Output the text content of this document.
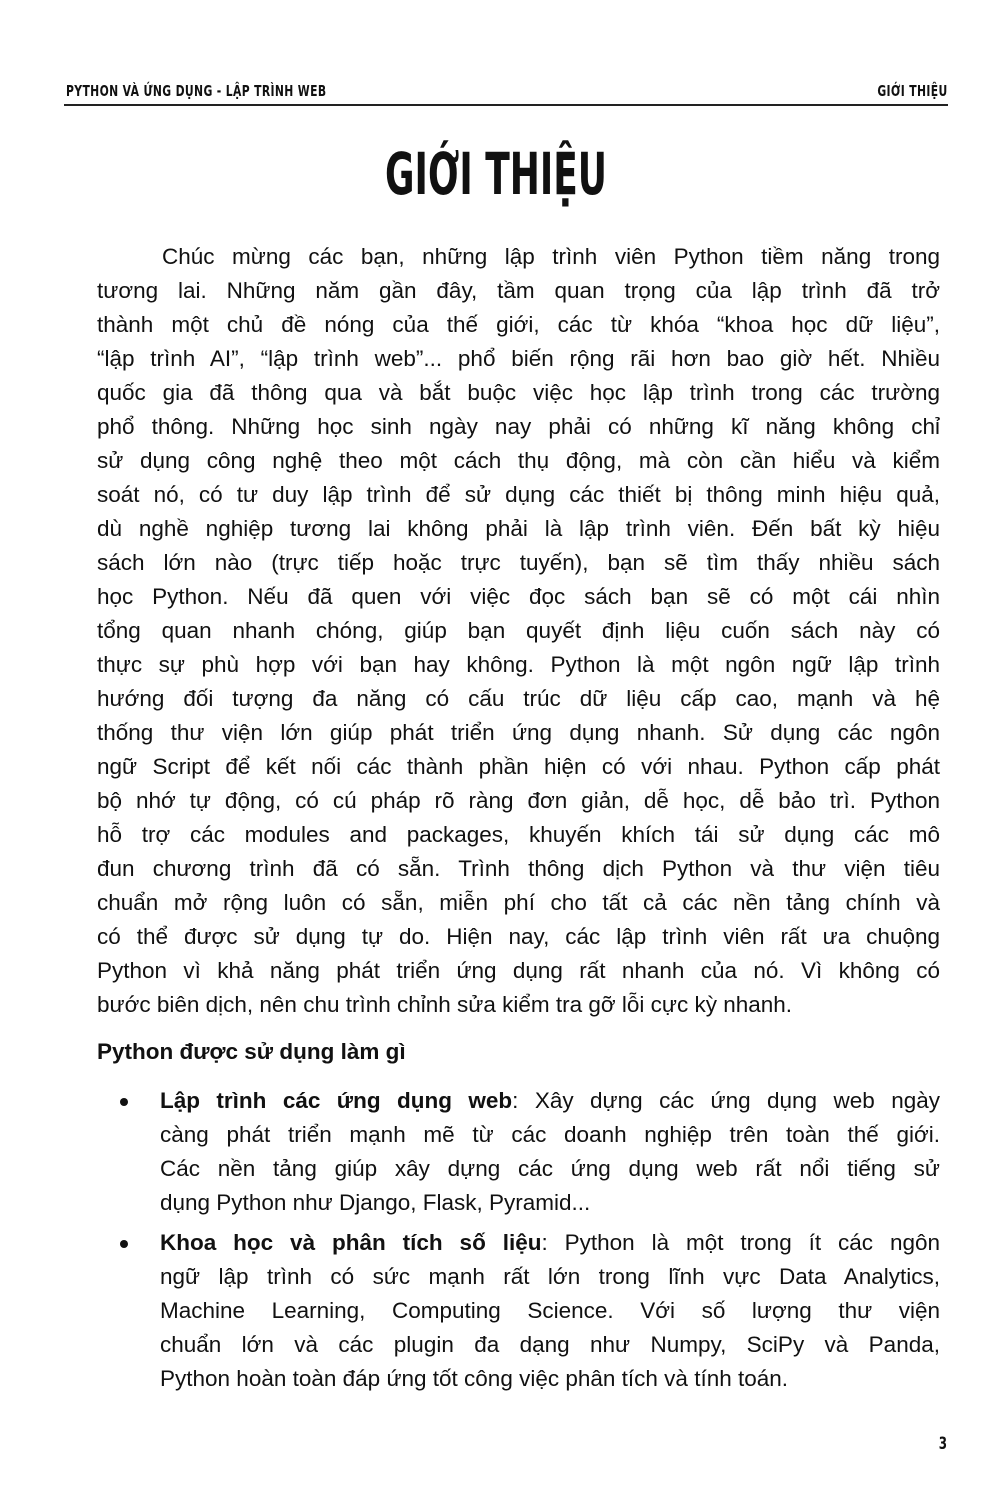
PYTHON VÀ ỨNG DỤNG - LẬP TRÌNH WEB	GIỚI THIỆU
GIỚI THIỆU
Chúc mừng các bạn, những lập trình viên Python tiềm năng trong
tương lai. Những năm gần đây, tầm quan trọng của lập trình đã trở
thành một chủ đề nóng của thế giới, các từ khóa “khoa học dữ liệu”,
“lập trình AI”, “lập trình web”... phổ biến rộng rãi hơn bao giờ hết. Nhiều
quốc gia đã thông qua và bắt buộc việc học lập trình trong các trường
phổ thông. Những học sinh ngày nay phải có những kĩ năng không chỉ
sử dụng công nghệ theo một cách thụ động, mà còn cần hiểu và kiểm
soát nó, có tư duy lập trình để sử dụng các thiết bị thông minh hiệu quả,
dù nghề nghiệp tương lai không phải là lập trình viên. Đến bất kỳ hiệu
sách lớn nào (trực tiếp hoặc trực tuyến), bạn sẽ tìm thấy nhiều sách
học Python. Nếu đã quen với việc đọc sách bạn sẽ có một cái nhìn
tổng quan nhanh chóng, giúp bạn quyết định liệu cuốn sách này có
thực sự phù hợp với bạn hay không. Python là một ngôn ngữ lập trình
hướng đối tượng đa năng có cấu trúc dữ liệu cấp cao, mạnh và hệ
thống thư viện lớn giúp phát triển ứng dụng nhanh. Sử dụng các ngôn
ngữ Script để kết nối các thành phần hiện có với nhau. Python cấp phát
bộ nhớ tự động, có cú pháp rõ ràng đơn giản, dễ học, dễ bảo trì. Python
hỗ trợ các modules and packages, khuyến khích tái sử dụng các mô
đun chương trình đã có sẵn. Trình thông dịch Python và thư viện tiêu
chuẩn mở rộng luôn có sẵn, miễn phí cho tất cả các nền tảng chính và
có thể được sử dụng tự do. Hiện nay, các lập trình viên rất ưa chuộng
Python vì khả năng phát triển ứng dụng rất nhanh của nó. Vì không có
bước biên dịch, nên chu trình chỉnh sửa kiểm tra gỡ lỗi cực kỳ nhanh.
Python được sử dụng làm gì
Lập trình các ứng dụng web: Xây dựng các ứng dụng web ngày
càng phát triển mạnh mẽ từ các doanh nghiệp trên toàn thế giới.
Các nền tảng giúp xây dựng các ứng dụng web rất nổi tiếng sử
dụng Python như Django, Flask, Pyramid...
Khoa học và phân tích số liệu: Python là một trong ít các ngôn
ngữ lập trình có sức mạnh rất lớn trong lĩnh vực Data Analytics,
Machine Learning, Computing Science. Với số lượng thư viện
chuẩn lớn và các plugin đa dạng như Numpy, SciPy và Panda,
Python hoàn toàn đáp ứng tốt công việc phân tích và tính toán.
3
